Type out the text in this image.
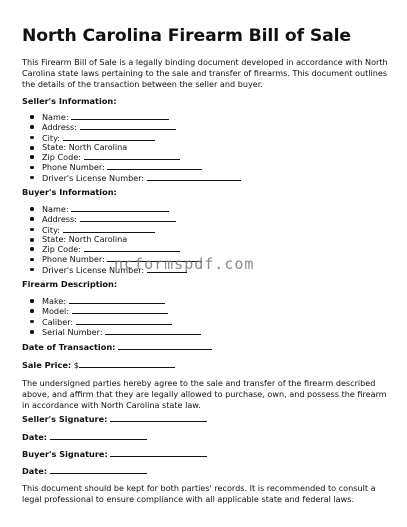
North Carolina Firearm Bill of Sale

This Firearm Bill of Sale is a legally binding document developed in accordance with North Carolina state laws pertaining to the sale and transfer of firearms. This document outlines the details of the transaction between the seller and buyer.

Seller's Information:

Name:
Address:
City:
State: North Carolina
Zip Code:
Phone Number:
Driver's License Number:

Buyer's Information:

Name:
Address:
City:
State: North Carolina
Zip Code:
Phone Number:
Driver's License Number:

ncformspdf.com

Firearm Description:

Make:
Model:
Caliber:
Serial Number:

Date of Transaction:

Sale Price: $

The undersigned parties hereby agree to the sale and transfer of the firearm described above, and affirm that they are legally allowed to purchase, own, and possess the firearm in accordance with North Carolina state law.

Seller's Signature:

Date:

Buyer's Signature:

Date:

This document should be kept for both parties' records. It is recommended to consult a legal professional to ensure compliance with all applicable state and federal laws.
